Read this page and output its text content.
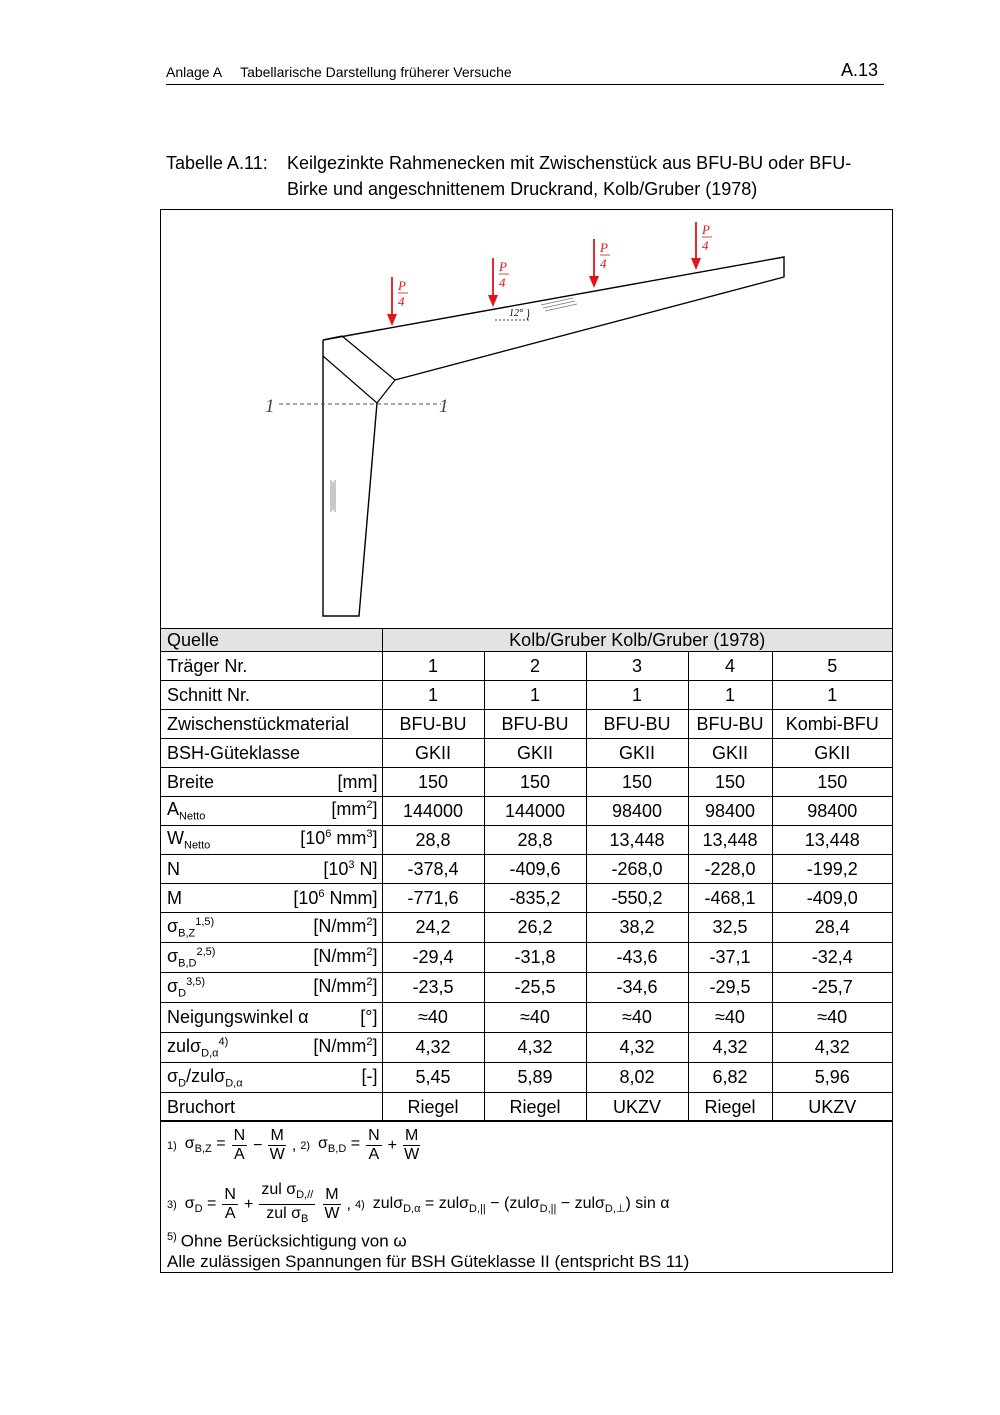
Anlage A Tabellarische Darstellung früherer Versuche	A.13
Tabelle A.11: Keilgezinkte Rahmenecken mit Zwischenstück aus BFU-BU oder BFU-Birke und angeschnittenem Druckrand, Kolb/Gruber (1978)
1	1
12°
P
4
P
4
P
4
P
4
Quelle	Kolb/Gruber Kolb/Gruber (1978)				
Träger Nr.	1	2	3	4	5
Schnitt Nr.	1	1	1	1	1
Zwischenstückmaterial	BFU-BU	BFU-BU	BFU-BU	BFU-BU	Kombi-BFU
BSH-Güteklasse	GKII	GKII	GKII	GKII	GKII
Breite [mm]	150	150	150	150	150
$A_{Netto}$ $[mm^2]$	144000	144000	98400	98400	98400
$W_{Netto}$ [$10^6$ $mm^3$]	28,8	28,8	13,448	13,448	13,448
N [$10^3$ N]	-378,4	-409,6	-268,0	-228,0	-199,2
M [$10^6$ Nmm]	-771,6	-835,2	-550,2	-468,1	-409,0
$\sigma_{B,Z}^{1,5)}$ $[N/mm^2]$	24,2	26,2	38,2	32,5	28,4
$\sigma_{B,D}^{2,5)}$ $[N/mm^2]$	-29,4	-31,8	-43,6	-37,1	-32,4
$\sigma_D^{3,5)}$ $[N/mm^2]$	-23,5	-25,5	-34,6	-29,5	-25,7
Neigungswinkel α [°]	≈40	≈40	≈40	≈40	≈40
zulσ$_{D,\alpha}^{4)}$ $[N/mm^2]$	4,32	4,32	4,32	4,32	4,32
$\sigma_D/zul\sigma_{D,\alpha}$ [-]	5,45	5,89	8,02	6,82	5,96
Bruchort	Riegel	Riegel	UKZV	Riegel	UKZV
1) $\sigma_{B,Z} = \frac{N}{A} - \frac{M}{W}$ , 2) $\sigma_{B,D} = \frac{N}{A} + \frac{M}{W}$
3) $\sigma_D = \frac{N}{A} + \frac{zul \sigma_{D,//}}{zul \sigma_B} \frac{M}{W}$ , 4) zulσ$_{D,\alpha}$ = zulσ$_{D,||}$ − (zulσ$_{D,||}$ − zulσ$_{D,\perp}$) sin α
$^{5)}$ Ohne Berücksichtigung von ω
Alle zulässigen Spannungen für BSH Güteklasse II (entspricht BS 11)
